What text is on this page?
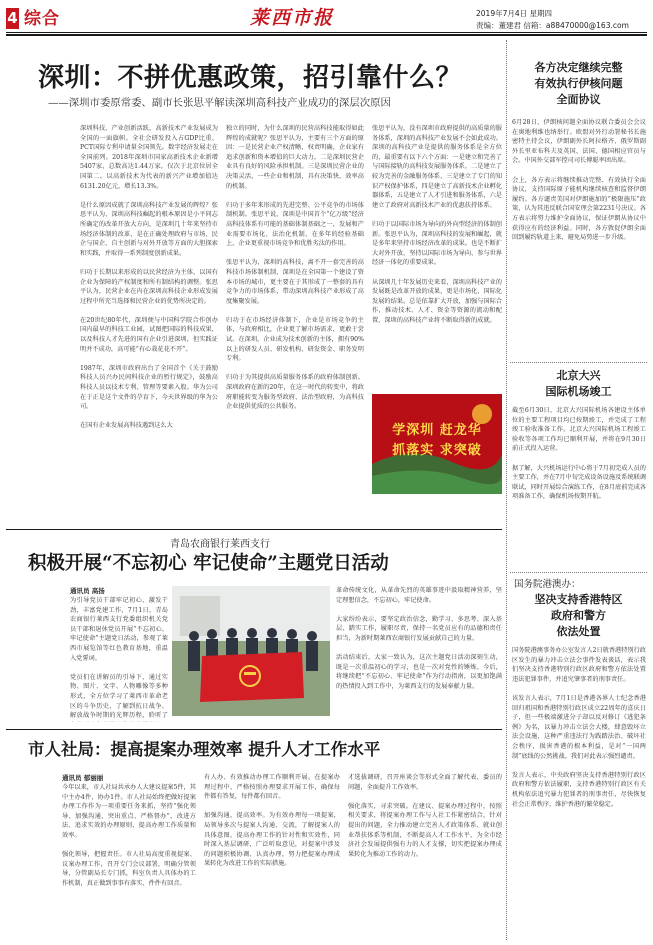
4 综合	莱西市报	2019年7月4日 星期四
责编：董建君 信箱：a88470000@163.com
深圳：不拼优惠政策，招引靠什么？
——深圳市委原常委、副市长张思平解读深圳高科技产业成功的深层次原因
深圳科技、产业创新活跃，高新技术产业发展成为全国的一面旗帜。全社会研发投入占GDP比重、PCT国际专利申请量全国领先。数字经济发展走在全国前列。2018年深圳市国家高新技术企业新增5407家，总数高达1.44万家，仅次于北京位居全国第二。以高新技术为代表的新兴产业增加值达6131.20亿元，增长13.3%。

是什么原因成就了深圳高科技产业发展的辉煌？张思平认为，深圳高科技崛起的根本原因是小平同志所确定的改革开放大方向，是深圳几十年来坚持市场经济体制的改革，是在正确处理政府与市场、民企与国企、自主创新与对外开放等方面的大胆探索和实践，并取得一系列制度创新成果。

归功于长期以来形成的以民营经济为主体，以国有企业为保障的产权制度和所有制结构的调整。张思平认为，民营企业在内在深圳高科技企业形成发展过程中所充当选择和民营企业的优势所决定的。

在20世纪80年代，深圳便与中国科学院合作创办国内最早的科技工业园，试图把国际的科技成果，以及科技人才先进的国有企业引进深圳，但实践证明并不成功，高可能“有心栽花花不开”。

1987年，深圳市政府出台了全国首个《关于鼓励科技人员兴办民间科技企业的暂行规定》，鼓励高科技人员以技术专利、管理等要素入股。华为公司在于正是这个文件的孕育下，今天世界级的华为公司。

在国有企业发展高科技遇到这么大
独立的同时，为什么深圳的民营高科技能取得如此辉煌的成就呢？张思平认为，主要有三个方面的原因：一是民营企业产权清晰，权责明确，企业家有追求创新和资本增值的巨大动力。二是深圳民营企业具有良好的风险承担机制。三是深圳民营企业的决策灵活，一些企业和机制，具有决策快、效率高的机制。

归功于多年来形成的先进完整、公平竞争的市场体制机制。张思平说，深圳是中国首个“亿万级”经济高科技体系有可能的基础体制基础之一，发展和产业需要市场化、法治化机制，在多年的经验基础上，企业更重视市场竞争和优胜劣汰的作用。

张思平认为，深圳的高科技，离不开一套完善的高科技市场体制机制，深圳是在全国第一个建设了资本市场的城市，更主要在于其形成了一整套的具有竞争力的市场体系，带动深圳高科技产业形成了高度集聚发展。

归功于在市场经济体制下，企业是市场竞争的主体，与政府相比，企业更了解市场需求，更敢于尝试。在深圳，企业成为技术创新的主体，拥有90%以上的研发人员、研发机构、研发资金、职务发明专利。

归功于为其提供高质量服务体系的政府体制创新。深圳政府在新的20年，在这一时代的转变中，将政府职能转变为服务型政府、法治型政府，为高科技企业提供优质的公共服务。
张思平认为，没有深圳市政府提供的高质量的服务体系，深圳的高科技产业发展不会如此成功。深圳的高科技产业是提供的服务体系是全方位的，最重要有以下六个方面：一是建立和完善了与国际接轨的高科技发展服务体系，二是建立了较为完善的金融服务体系，三是建立了专门的知识产权保护体系，四是建立了高新技术企业孵化器体系，五是建立了人才引进和服务体系，六是建立了政府对高新技术产业的优惠扶持体系。

归功于以国际市场为导向的外向型经济的体制创新。张思平认为，深圳高科技的发展和崛起，就是多年来坚持市场经济改革的成果。也是不断扩大对外开放、坚持以国际市场为导向、参与世界经济一体化的重要成果。

从深圳几十年发展历史来看，深圳高科技产业的发展既是改革开放的成果，更是市场化、国际化发展的结果。总是依靠扩大开放，加强与国际合作，推动技术、人才、资金等资源的流动和配置，深圳的高科技产业将不断取得新的成就。
学深圳 赶龙华
抓落实 求突破
青岛农商银行莱西支行
积极开展“不忘初心 牢记使命”主题党日活动
通讯员 高扬
为引导党员干部牢记初心、激发干劲，丰富党建工作，7月1日，青岛农商银行莱西支行党委组织机关党员干部和退休党员开展“不忘初心、牢记使命”主题党日活动，参观了莱西市展览馆等红色教育基地，重温入党誓词。

党员们在讲解员的引导下，通过实物、图片、文字、人物雕像等多种形式，全方位学习了莱西市革命老区的斗争历史，了解到抗日战争、解放战争时期的光辉历程，聆听了
革命传统文化，从革命先烈的英雄事迹中汲取精神营养，坚定理想信念，不忘初心，牢记使命。

大家纷纷表示，要坚定政治信念，勤学习、多思考、深入基层、踏实工作，履职尽责，保持一名党员应有的品德和责任担当，为新时期莱西农商银行发展贡献自己的力量。

活动结束后，大家一致认为，这次主题党日活动深刻生动，既是一次重温初心的学习，也是一次对党性的锤炼。今后，将继续把“不忘初心、牢记使命”作为行动指南，以更加饱满的热情投入到工作中，为莱西支行的发展奉献力量。
市人社局：提高提案办理效率 提升人才工作水平
通讯员 郁丽丽
今年以来，市人社局共承办人大建议提案5件，其中主办4件，协办1件。市人社局始终把做好提案办理工作作为一项重要任务来抓，坚持“强化领导、加强沟通、突出重点、严格督办”，改进方法、追求实效的办理原则，提高办理工作质量和效率。

强化领导，把握责任。市人社局高度重视提案、议案办理工作，召开专门会议部署，明确分管领导，分管副局长专门抓，科室负责人具体办的工作机制，真正做到事事有落实、件件有回音。
有人办、有效推动办理工作顺利开展。在提案办理过程中，严格按照办理要求开展工作，确保每件都有答复，每件都有回音。

加强沟通，提高效率。为有效办理每一项提案，局领导多次与提案人沟通、交流，了解提案人的具体意图，提高办理工作的针对性和实效性，同时深入基层调研，广泛听取意见，对提案中涉及的问题积极协调、认真办理，努力把提案办理成果转化为改进工作的实际措施。
才选拔调研，召开座谈会等形式全面了解代表、委员的问题，全面提升工作效率。

强化落实，寻求突破。在建议、提案办理过程中，按照相关要求，将提案办理工作与人社工作紧密结合，针对提出的问题，全力推动建立完善人才政策体系、就业创业帮扶体系等机制，不断提高人才工作水平，为全市经济社会发展提供强有力的人才支撑，切实把提案办理成果转化为推动工作的动力。
各方决定继续完整
有效执行伊核问题
全面协议
6月28日，伊朗核问题全面协议联合委员会会议在奥地利维也纳举行。欧盟对外行动署秘书长施密特主持会议，伊朗副外长阿拉格齐、俄罗斯副外长里亚布科夫及英国、法国、德国相应官员与会。中国外交部军控司司长傅聪率团出席。

会上，各方表示将继续推动完整、有效执行全面协议，支持国际原子能机构继续核查和监督伊朗履约。各方谴责美国对伊朗施加的“极限施压”政策，认为其违反联合国安理会第2231号决议。各方表示将努力维护全面协议，保证伊朗从协议中获得应有的经济利益。同时，各方敦促伊朗全面回到履约轨道上来，避免局势进一步升级。
北京大兴
国际机场竣工
截至6月30日，北京大兴国际机场各建设主体单位的主要工程项目均已按期竣工，并完成了工程竣工验收准备工作。北京大兴国际机场工程竣工验收等各项工作均已顺利开展，并将在9月30日前正式投入运营。

据了解，大兴机场运行中心将于7月初完成人员的主要工作，并在7月中旬完成设备设施及系统联调联试，同时开展综合演练工作，在8月底前完成各项准备工作，确保机场按期开航。
国务院港澳办：
坚决支持香港特区
政府和警方
依法处置
国务院港澳事务办公室发言人2日就香港特别行政区发生的暴力冲击立法会事件发表谈话，表示我们坚决支持香港特别行政区政府和警方依法处置违法犯罪事件，并追究肇事者的刑事责任。

该发言人表示，7月1日是香港各界人士纪念香港回归祖国和香港特别行政区成立22周年的喜庆日子，但一些极端激进分子却以反对修订《逃犯条例》为名，以暴力冲击立法会大楼，肆意毁坏立法会设施，这种严重违法行为践踏法治、破坏社会秩序，损害香港的根本利益，是对“一国两制”底线的公然挑战。我们对此表示强烈谴责。

发言人表示，中央政府坚决支持香港特别行政区政府和警方依法履职，支持香港特别行政区有关机构依法追究暴力犯罪者的刑事责任，尽快恢复社会正常秩序，维护香港的繁荣稳定。
